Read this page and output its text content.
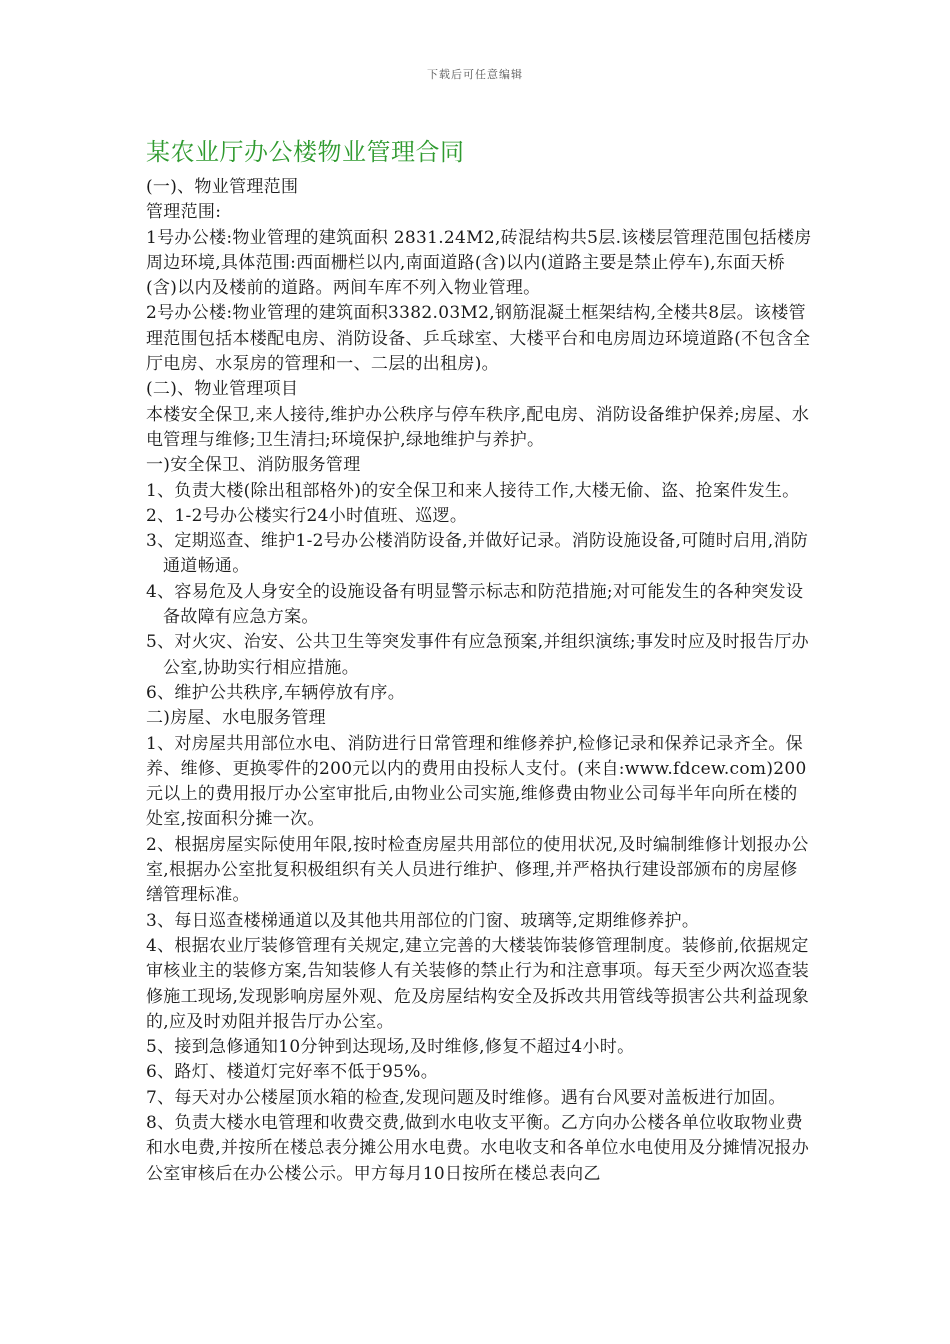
下载后可任意编辑
某农业厅办公楼物业管理合同

(一)、物业管理范围

管理范围:

1号办公楼:物业管理的建筑面积 2831.24M2,砖混结构共5层.该楼层管理范围包括楼房周边环境,具体范围:西面栅栏以内,南面道路(含)以内(道路主要是禁止停车),东面天桥(含)以内及楼前的道路。两间车库不列入物业管理。

2号办公楼:物业管理的建筑面积3382.03M2,钢筋混凝土框架结构,全楼共8层。该楼管理范围包括本楼配电房、消防设备、乒乓球室、大楼平台和电房周边环境道路(不包含全厅电房、水泵房的管理和一、二层的出租房)。

(二)、物业管理项目

本楼安全保卫,来人接待,维护办公秩序与停车秩序,配电房、消防设备维护保养;房屋、水电管理与维修;卫生清扫;环境保护,绿地维护与养护。

一)安全保卫、消防服务管理

1、负责大楼(除出租部格外)的安全保卫和来人接待工作,大楼无偷、盗、抢案件发生。

2、1-2号办公楼实行24小时值班、巡逻。

3、定期巡查、维护1-2号办公楼消防设备,并做好记录。消防设施设备,可随时启用,消防通道畅通。

4、容易危及人身安全的设施设备有明显警示标志和防范措施;对可能发生的各种突发设备故障有应急方案。

5、对火灾、治安、公共卫生等突发事件有应急预案,并组织演练;事发时应及时报告厅办公室,协助实行相应措施。

6、维护公共秩序,车辆停放有序。

二)房屋、水电服务管理

1、对房屋共用部位水电、消防进行日常管理和维修养护,检修记录和保养记录齐全。保养、维修、更换零件的200元以内的费用由投标人支付。(来自:www.fdcew.com)200元以上的费用报厅办公室审批后,由物业公司实施,维修费由物业公司每半年向所在楼的处室,按面积分摊一次。

2、根据房屋实际使用年限,按时检查房屋共用部位的使用状况,及时编制维修计划报办公室,根据办公室批复积极组织有关人员进行维护、修理,并严格执行建设部颁布的房屋修缮管理标准。

3、每日巡查楼梯通道以及其他共用部位的门窗、玻璃等,定期维修养护。

4、根据农业厅装修管理有关规定,建立完善的大楼装饰装修管理制度。装修前,依据规定审核业主的装修方案,告知装修人有关装修的禁止行为和注意事项。每天至少两次巡查装修施工现场,发现影响房屋外观、危及房屋结构安全及拆改共用管线等损害公共利益现象的,应及时劝阻并报告厅办公室。

5、接到急修通知10分钟到达现场,及时维修,修复不超过4小时。

6、路灯、楼道灯完好率不低于95%。

7、每天对办公楼屋顶水箱的检查,发现问题及时维修。遇有台风要对盖板进行加固。

8、负责大楼水电管理和收费交费,做到水电收支平衡。乙方向办公楼各单位收取物业费和水电费,并按所在楼总表分摊公用水电费。水电收支和各单位水电使用及分摊情况报办公室审核后在办公楼公示。甲方每月10日按所在楼总表向乙
